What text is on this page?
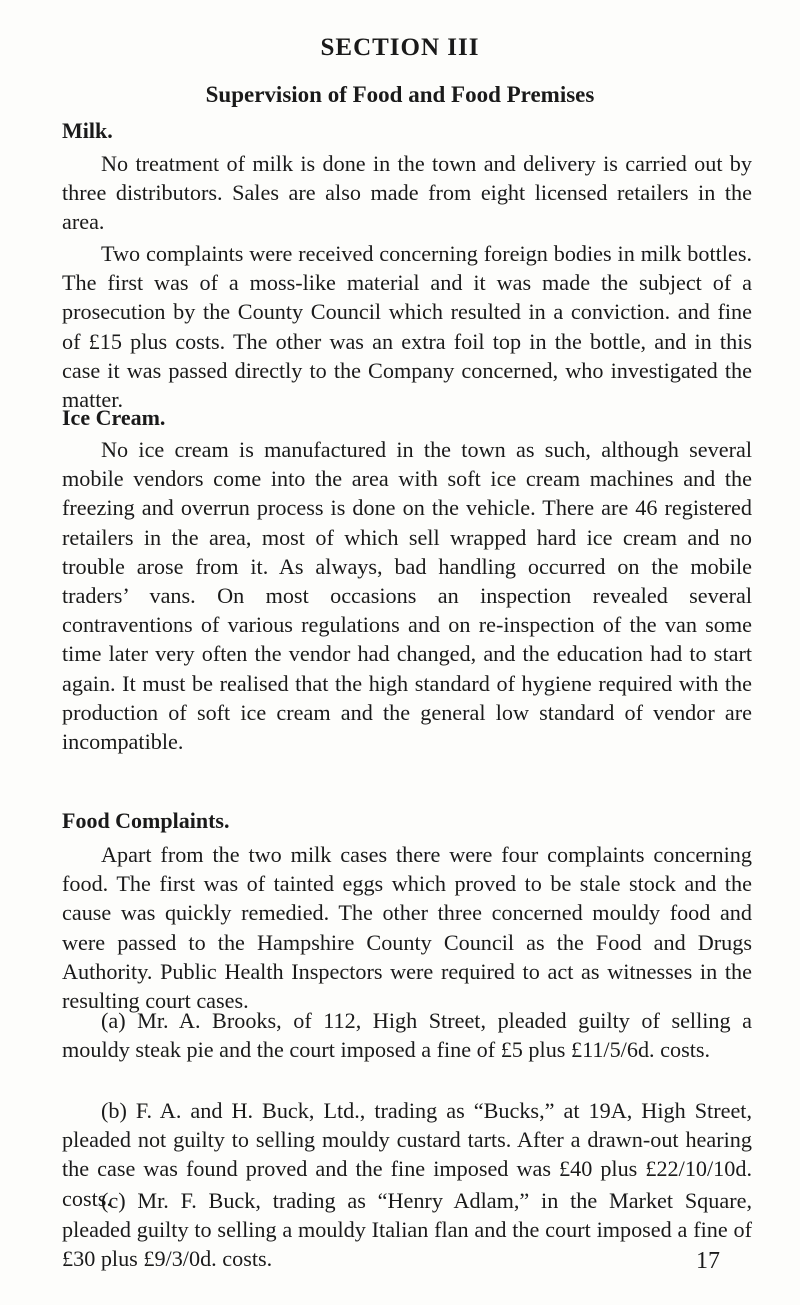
SECTION III
Supervision of Food and Food Premises
Milk.

No treatment of milk is done in the town and delivery is carried out by three distributors. Sales are also made from eight licensed retailers in the area.

Two complaints were received concerning foreign bodies in milk bottles. The first was of a moss-like material and it was made the subject of a prosecution by the County Council which resulted in a conviction. and fine of £15 plus costs. The other was an extra foil top in the bottle, and in this case it was passed directly to the Company concerned, who investigated the matter.

Ice Cream.

No ice cream is manufactured in the town as such, although several mobile vendors come into the area with soft ice cream machines and the freezing and overrun process is done on the vehicle. There are 46 registered retailers in the area, most of which sell wrapped hard ice cream and no trouble arose from it. As always, bad handling occurred on the mobile traders’ vans. On most occasions an inspection revealed several contraventions of various regulations and on re-inspection of the van some time later very often the vendor had changed, and the education had to start again. It must be realised that the high standard of hygiene required with the production of soft ice cream and the general low standard of vendor are incompatible.

Food Complaints.

Apart from the two milk cases there were four complaints concerning food. The first was of tainted eggs which proved to be stale stock and the cause was quickly remedied. The other three concerned mouldy food and were passed to the Hampshire County Council as the Food and Drugs Authority. Public Health Inspectors were required to act as witnesses in the resulting court cases.

(a) Mr. A. Brooks, of 112, High Street, pleaded guilty of selling a mouldy steak pie and the court imposed a fine of £5 plus £11/5/6d. costs.

(b) F. A. and H. Buck, Ltd., trading as “Bucks,” at 19A, High Street, pleaded not guilty to selling mouldy custard tarts. After a drawn-out hearing the case was found proved and the fine imposed was £40 plus £22/10/10d. costs.

(c) Mr. F. Buck, trading as “Henry Adlam,” in the Market Square, pleaded guilty to selling a mouldy Italian flan and the court imposed a fine of £30 plus £9/3/0d. costs.	17
